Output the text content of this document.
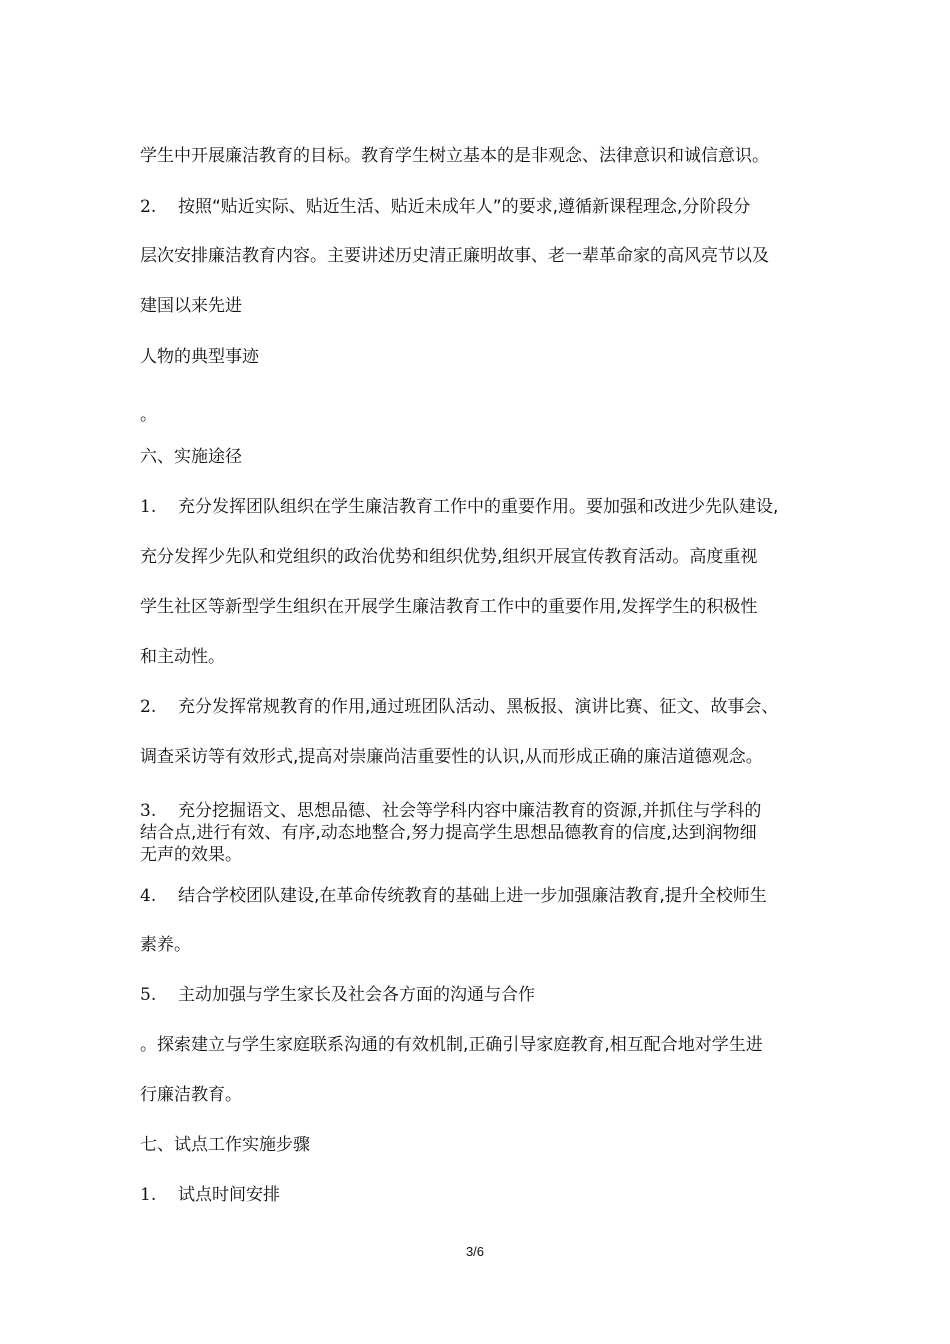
学生中开展廉洁教育的目标。教育学生树立基本的是非观念、法律意识和诚信意识。
2. 按照“贴近实际、贴近生活、贴近未成年人”的要求,遵循新课程理念,分阶段分
层次安排廉洁教育内容。主要讲述历史清正廉明故事、老一辈革命家的高风亮节以及
建国以来先进
人物的典型事迹
。
六、实施途径
1. 充分发挥团队组织在学生廉洁教育工作中的重要作用。要加强和改进少先队建设,
充分发挥少先队和党组织的政治优势和组织优势,组织开展宣传教育活动。高度重视
学生社区等新型学生组织在开展学生廉洁教育工作中的重要作用,发挥学生的积极性
和主动性。
2. 充分发挥常规教育的作用,通过班团队活动、黑板报、演讲比赛、征文、故事会、
调查采访等有效形式,提高对崇廉尚洁重要性的认识,从而形成正确的廉洁道德观念。
3. 充分挖掘语文、思想品德、社会等学科内容中廉洁教育的资源,并抓住与学科的
结合点,进行有效、有序,动态地整合,努力提高学生思想品德教育的信度,达到润物细
无声的效果。
4. 结合学校团队建设,在革命传统教育的基础上进一步加强廉洁教育,提升全校师生
素养。
5. 主动加强与学生家长及社会各方面的沟通与合作
。探索建立与学生家庭联系沟通的有效机制,正确引导家庭教育,相互配合地对学生进
行廉洁教育。
七、试点工作实施步骤
1. 试点时间安排
3/6
